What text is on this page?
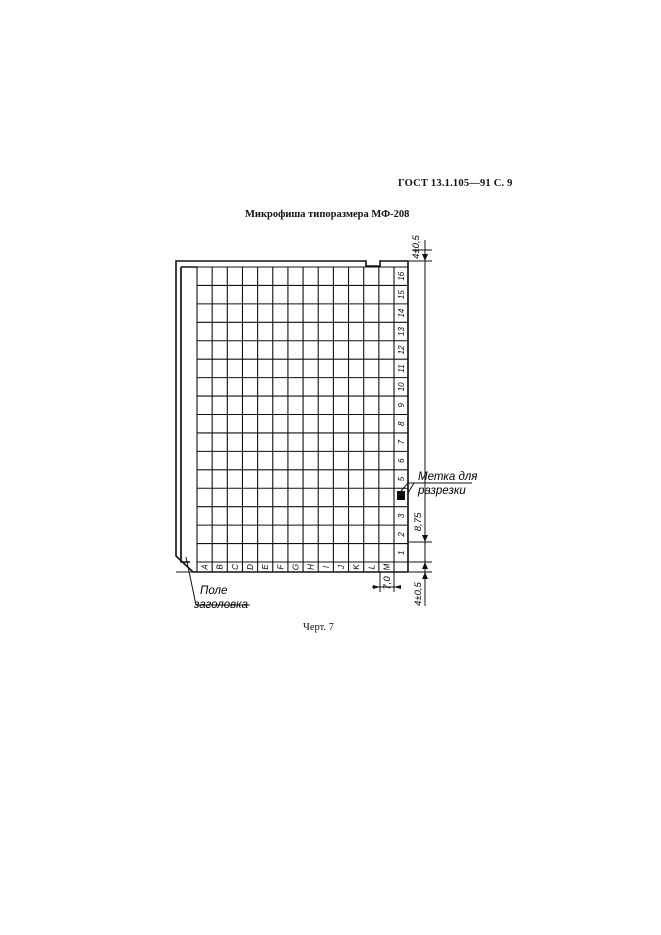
ГОСТ 13.1.105—91 С. 9
Микрофиша типоразмера МФ-208
A B C D E F G H I J K L M
1
2
3
4
5
6
7
8
9
10
11
12
13
14
15
16
Метка для
разрезки
Поле
заголовка
4±0,5
8,75
7,0 4±0,5
Черт. 7
